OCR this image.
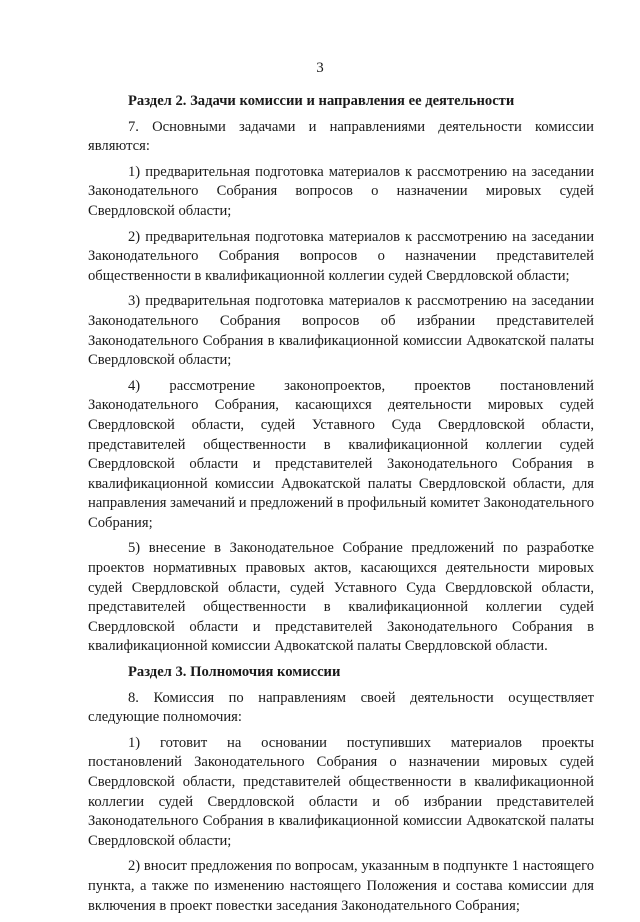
3

Раздел 2. Задачи комиссии и направления ее деятельности

7. Основными задачами и направлениями деятельности комиссии являются:

1) предварительная подготовка материалов к рассмотрению на заседании Законодательного Собрания вопросов о назначении мировых судей Свердловской области;

2) предварительная подготовка материалов к рассмотрению на заседании Законодательного Собрания вопросов о назначении представителей общественности в квалификационной коллегии судей Свердловской области;

3) предварительная подготовка материалов к рассмотрению на заседании Законодательного Собрания вопросов об избрании представителей Законодательного Собрания в квалификационной комиссии Адвокатской палаты Свердловской области;

4) рассмотрение законопроектов, проектов постановлений Законодательного Собрания, касающихся деятельности мировых судей Свердловской области, судей Уставного Суда Свердловской области, представителей общественности в квалификационной коллегии судей Свердловской области и представителей Законодательного Собрания в квалификационной комиссии Адвокатской палаты Свердловской области, для направления замечаний и предложений в профильный комитет Законодательного Собрания;

5) внесение в Законодательное Собрание предложений по разработке проектов нормативных правовых актов, касающихся деятельности мировых судей Свердловской области, судей Уставного Суда Свердловской области, представителей общественности в квалификационной коллегии судей Свердловской области и представителей Законодательного Собрания в квалификационной комиссии Адвокатской палаты Свердловской области.

Раздел 3. Полномочия комиссии

8. Комиссия по направлениям своей деятельности осуществляет следующие полномочия:

1) готовит на основании поступивших материалов проекты постановлений Законодательного Собрания о назначении мировых судей Свердловской области, представителей общественности в квалификационной коллегии судей Свердловской области и об избрании представителей Законодательного Собрания в квалификационной комиссии Адвокатской палаты Свердловской области;

2) вносит предложения по вопросам, указанным в подпункте 1 настоящего пункта, а также по изменению настоящего Положения и состава комиссии для включения в проект повестки заседания Законодательного Собрания;
